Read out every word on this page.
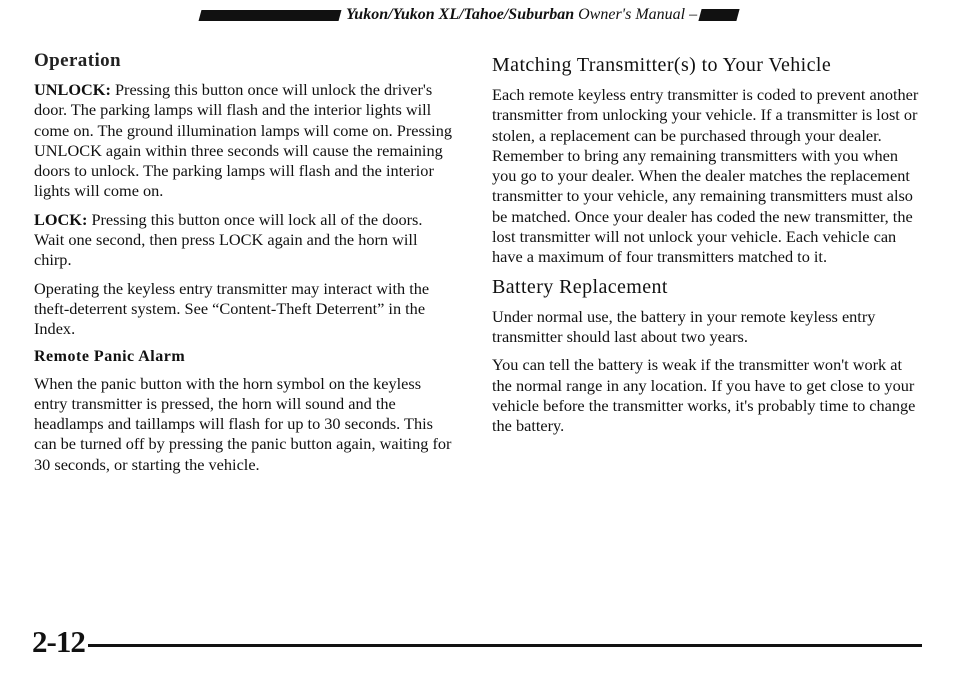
Yukon/Yukon XL/Tahoe/Suburban Owner's Manual –
Operation

UNLOCK: Pressing this button once will unlock the driver's door. The parking lamps will flash and the interior lights will come on. The ground illumination lamps will come on. Pressing UNLOCK again within three seconds will cause the remaining doors to unlock. The parking lamps will flash and the interior lights will come on.

LOCK: Pressing this button once will lock all of the doors. Wait one second, then press LOCK again and the horn will chirp.

Operating the keyless entry transmitter may interact with the theft-deterrent system. See “Content-Theft Deterrent” in the Index.

Remote Panic Alarm

When the panic button with the horn symbol on the keyless entry transmitter is pressed, the horn will sound and the headlamps and taillamps will flash for up to 30 seconds. This can be turned off by pressing the panic button again, waiting for 30 seconds, or starting the vehicle.

Matching Transmitter(s) to Your Vehicle

Each remote keyless entry transmitter is coded to prevent another transmitter from unlocking your vehicle. If a transmitter is lost or stolen, a replacement can be purchased through your dealer. Remember to bring any remaining transmitters with you when you go to your dealer. When the dealer matches the replacement transmitter to your vehicle, any remaining transmitters must also be matched. Once your dealer has coded the new transmitter, the lost transmitter will not unlock your vehicle. Each vehicle can have a maximum of four transmitters matched to it.

Battery Replacement

Under normal use, the battery in your remote keyless entry transmitter should last about two years.

You can tell the battery is weak if the transmitter won't work at the normal range in any location. If you have to get close to your vehicle before the transmitter works, it's probably time to change the battery.

2-12
